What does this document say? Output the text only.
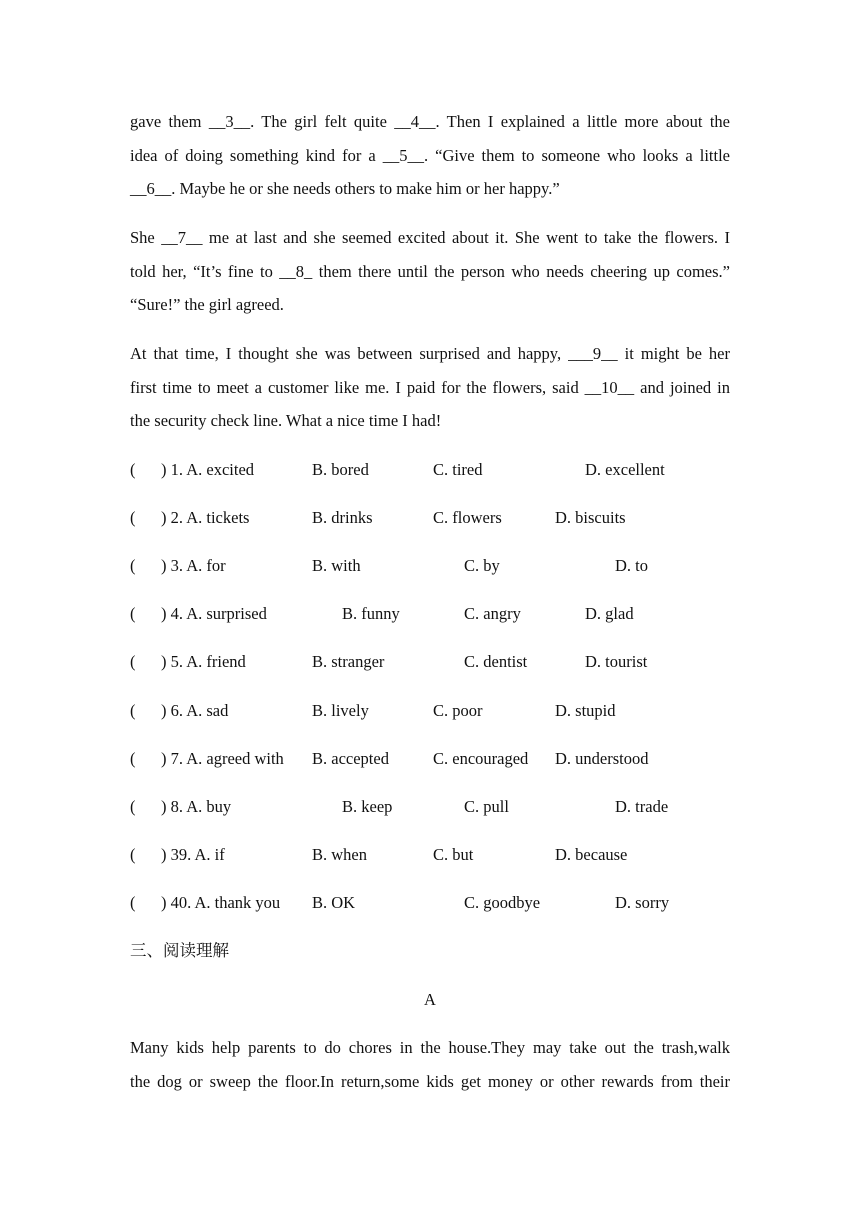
gave them __3__. The girl felt quite __4__. Then I explained a little more about the
idea of doing something kind for a __5__. “Give them to someone who looks a little
__6__. Maybe he or she needs others to make him or her happy.”
She __7__ me at last and she seemed excited about it. She went to take the flowers. I
told her, “It’s fine to __8_ them there until the person who needs cheering up comes.”
“Sure!” the girl agreed.
At that time, I thought she was between surprised and happy, ___9__ it might be her
first time to meet a customer like me. I paid for the flowers, said __10__ and joined in
the security check line. What a nice time I had!
( ) 1. A. excited	B. bored	C. tired	D. excellent
( ) 2. A. tickets	B. drinks	C. flowers	D. biscuits
( ) 3. A. for	B. with	C. by	D. to
( ) 4. A. surprised	B. funny	C. angry	D. glad
( ) 5. A. friend	B. stranger	C. dentist	D. tourist
( ) 6. A. sad	B. lively	C. poor	D. stupid
( ) 7. A. agreed with B. accepted	C. encouraged D. understood
( ) 8. A. buy	B. keep	C. pull	D. trade
( ) 39. A. if	B. when	C. but	D. because
( ) 40. A. thank you B. OK	C. goodbye	D. sorry
三、阅读理解
A
Many kids help parents to do chores in the house.They may take out the trash,walk
the dog or sweep the floor.In return,some kids get money or other rewards from their
